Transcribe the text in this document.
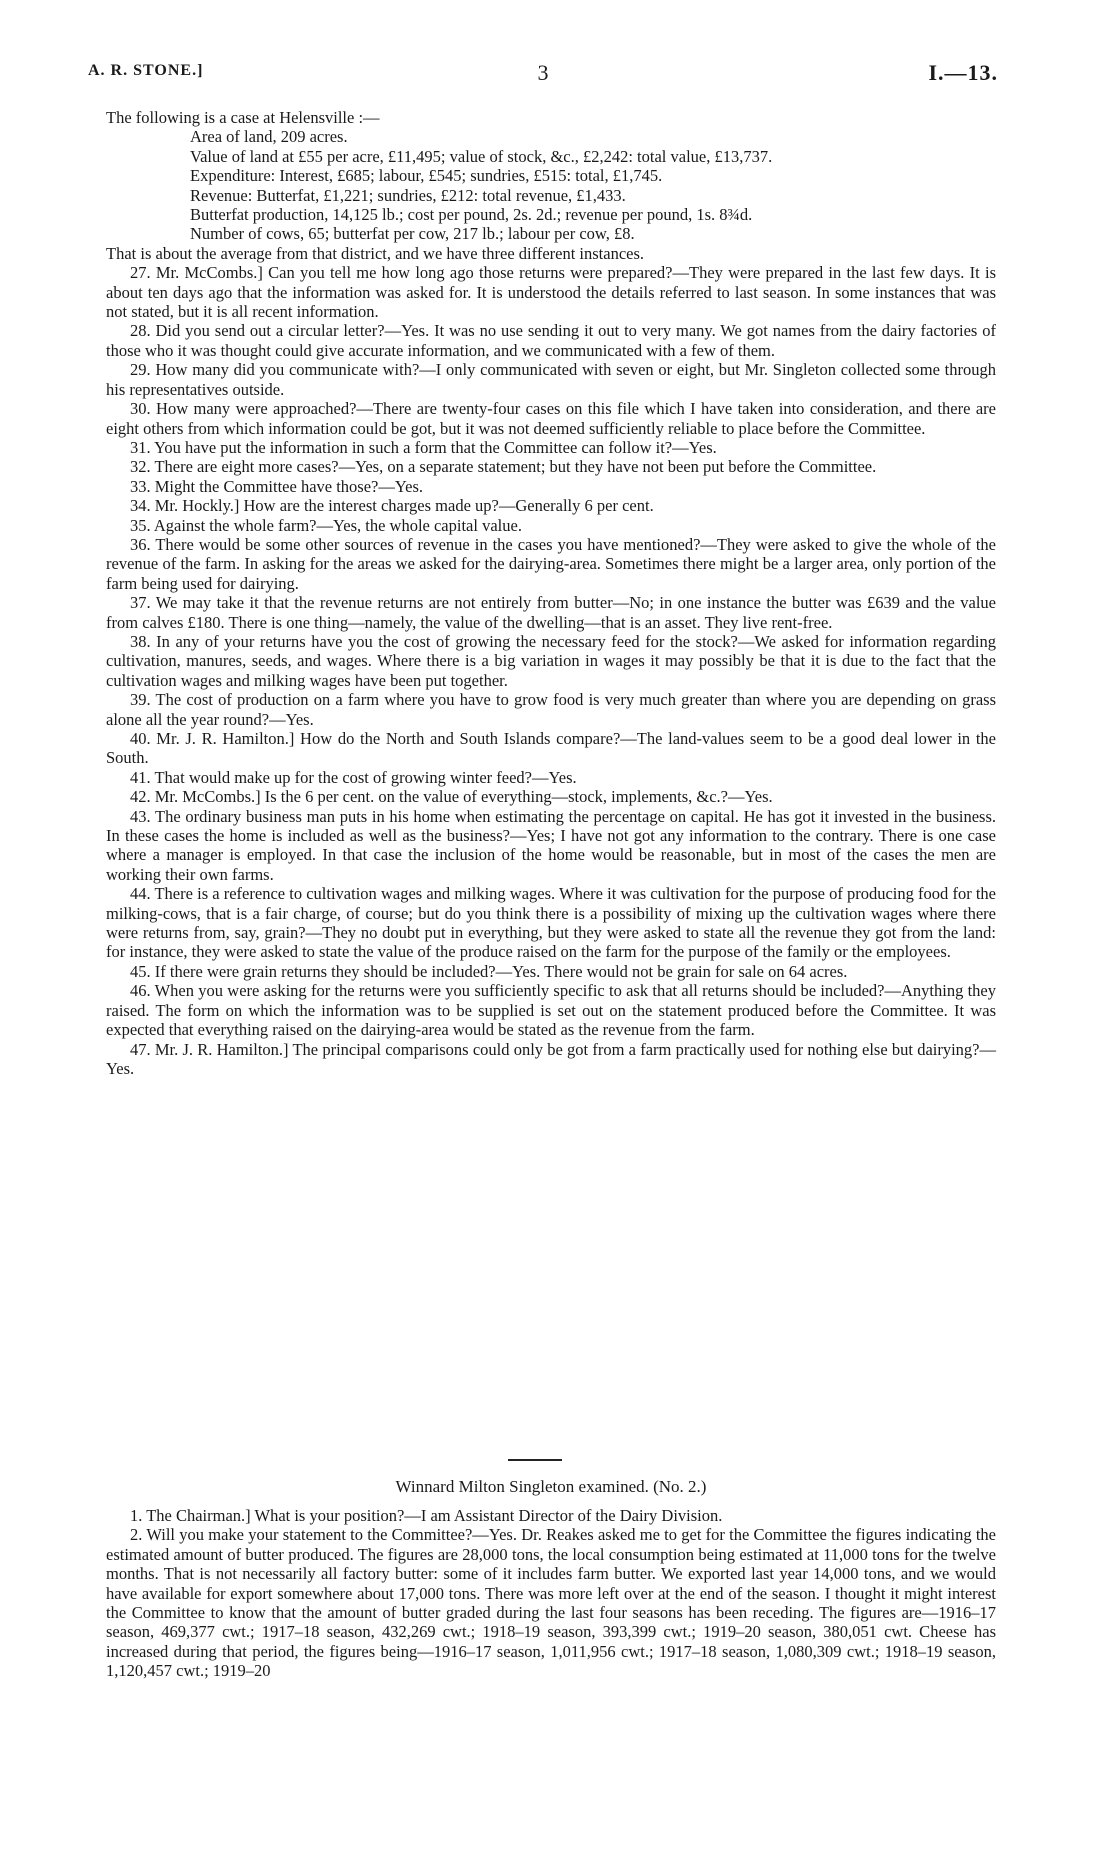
A. R. STONE.]	3	I.—13.

The following is a case at Helensville :—

Area of land, 209 acres.

Value of land at £55 per acre, £11,495; value of stock, &c., £2,242: total value, £13,737.

Expenditure: Interest, £685; labour, £545; sundries, £515: total, £1,745.

Revenue: Butterfat, £1,221; sundries, £212: total revenue, £1,433.

Butterfat production, 14,125 lb.; cost per pound, 2s. 2d.; revenue per pound, 1s. 8¾d.

Number of cows, 65; butterfat per cow, 217 lb.; labour per cow, £8.

That is about the average from that district, and we have three different instances.

27. Mr. McCombs.] Can you tell me how long ago those returns were prepared?—They were prepared in the last few days. It is about ten days ago that the information was asked for. It is understood the details referred to last season. In some instances that was not stated, but it is all recent information.

28. Did you send out a circular letter?—Yes. It was no use sending it out to very many. We got names from the dairy factories of those who it was thought could give accurate information, and we communicated with a few of them.

29. How many did you communicate with?—I only communicated with seven or eight, but Mr. Singleton collected some through his representatives outside.

30. How many were approached?—There are twenty-four cases on this file which I have taken into consideration, and there are eight others from which information could be got, but it was not deemed sufficiently reliable to place before the Committee.

31. You have put the information in such a form that the Committee can follow it?—Yes.

32. There are eight more cases?—Yes, on a separate statement; but they have not been put before the Committee.

33. Might the Committee have those?—Yes.

34. Mr. Hockly.] How are the interest charges made up?—Generally 6 per cent.

35. Against the whole farm?—Yes, the whole capital value.

36. There would be some other sources of revenue in the cases you have mentioned?—They were asked to give the whole of the revenue of the farm. In asking for the areas we asked for the dairying-area. Sometimes there might be a larger area, only portion of the farm being used for dairying.

37. We may take it that the revenue returns are not entirely from butter—No; in one instance the butter was £639 and the value from calves £180. There is one thing—namely, the value of the dwelling—that is an asset. They live rent-free.

38. In any of your returns have you the cost of growing the necessary feed for the stock?—We asked for information regarding cultivation, manures, seeds, and wages. Where there is a big variation in wages it may possibly be that it is due to the fact that the cultivation wages and milking wages have been put together.

39. The cost of production on a farm where you have to grow food is very much greater than where you are depending on grass alone all the year round?—Yes.

40. Mr. J. R. Hamilton.] How do the North and South Islands compare?—The land-values seem to be a good deal lower in the South.

41. That would make up for the cost of growing winter feed?—Yes.

42. Mr. McCombs.] Is the 6 per cent. on the value of everything—stock, implements, &c.?—Yes.

43. The ordinary business man puts in his home when estimating the percentage on capital. He has got it invested in the business. In these cases the home is included as well as the business?—Yes; I have not got any information to the contrary. There is one case where a manager is employed. In that case the inclusion of the home would be reasonable, but in most of the cases the men are working their own farms.

44. There is a reference to cultivation wages and milking wages. Where it was cultivation for the purpose of producing food for the milking-cows, that is a fair charge, of course; but do you think there is a possibility of mixing up the cultivation wages where there were returns from, say, grain?—They no doubt put in everything, but they were asked to state all the revenue they got from the land: for instance, they were asked to state the value of the produce raised on the farm for the purpose of the family or the employees.

45. If there were grain returns they should be included?—Yes. There would not be grain for sale on 64 acres.

46. When you were asking for the returns were you sufficiently specific to ask that all returns should be included?—Anything they raised. The form on which the information was to be supplied is set out on the statement produced before the Committee. It was expected that everything raised on the dairying-area would be stated as the revenue from the farm.

47. Mr. J. R. Hamilton.] The principal comparisons could only be got from a farm practically used for nothing else but dairying?—Yes.

Winnard Milton Singleton examined. (No. 2.)

1. The Chairman.] What is your position?—I am Assistant Director of the Dairy Division.

2. Will you make your statement to the Committee?—Yes. Dr. Reakes asked me to get for the Committee the figures indicating the estimated amount of butter produced. The figures are 28,000 tons, the local consumption being estimated at 11,000 tons for the twelve months. That is not necessarily all factory butter: some of it includes farm butter. We exported last year 14,000 tons, and we would have available for export somewhere about 17,000 tons. There was more left over at the end of the season. I thought it might interest the Committee to know that the amount of butter graded during the last four seasons has been receding. The figures are—1916–17 season, 469,377 cwt.; 1917–18 season, 432,269 cwt.; 1918–19 season, 393,399 cwt.; 1919–20 season, 380,051 cwt. Cheese has increased during that period, the figures being—1916–17 season, 1,011,956 cwt.; 1917–18 season, 1,080,309 cwt.; 1918–19 season, 1,120,457 cwt.; 1919–20
